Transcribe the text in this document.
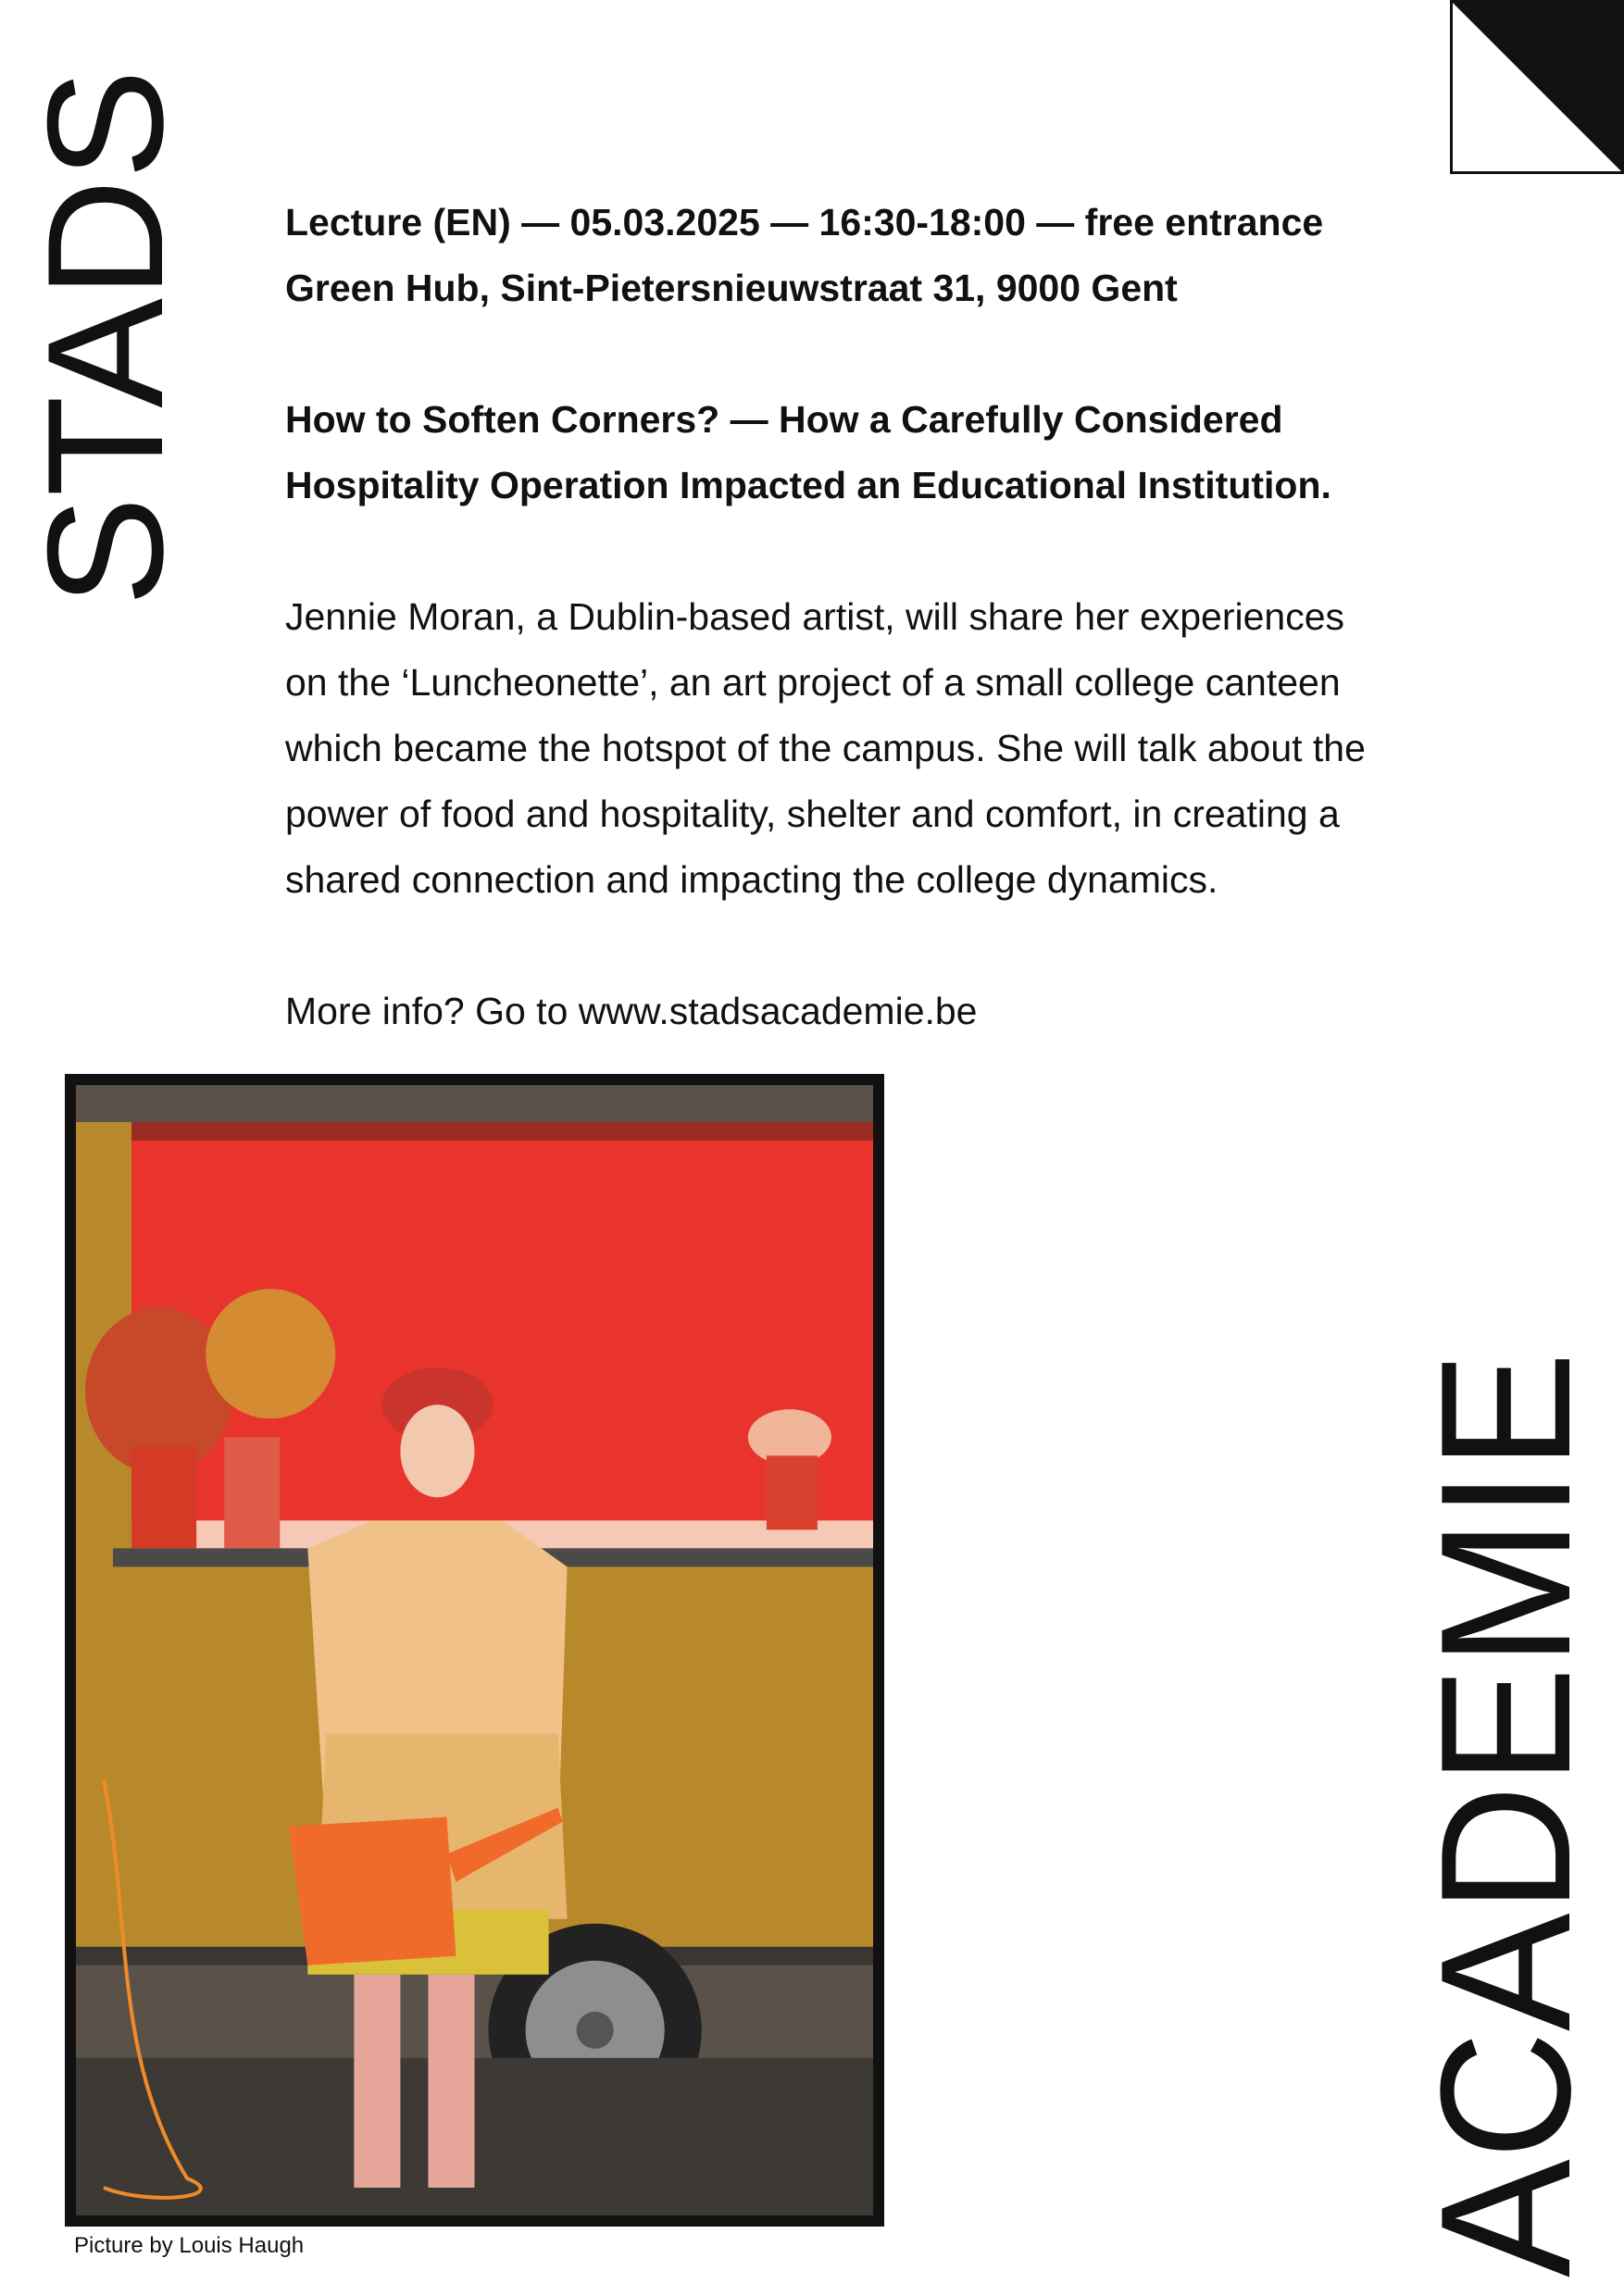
STADS Lecture (EN) — 05.03.2025 — 16:30-18:00 — free entrance

Green Hub, Sint-Pietersnieuwstraat 31, 9000 Gent

How to Soften Corners? — How a Carefully Considered

Hospitality Operation Impacted an Educational Institution.

Jennie Moran, a Dublin-based artist, will share her experiences

on the ‘Luncheonette’, an art project of a small college canteen

which became the hotspot of the campus. She will talk about the

power of food and hospitality, shelter and comfort, in creating a

shared connection and impacting the college dynamics.

More info? Go to www.stadsacademie.be

Picture by Louis Haugh	ACADEMIE
